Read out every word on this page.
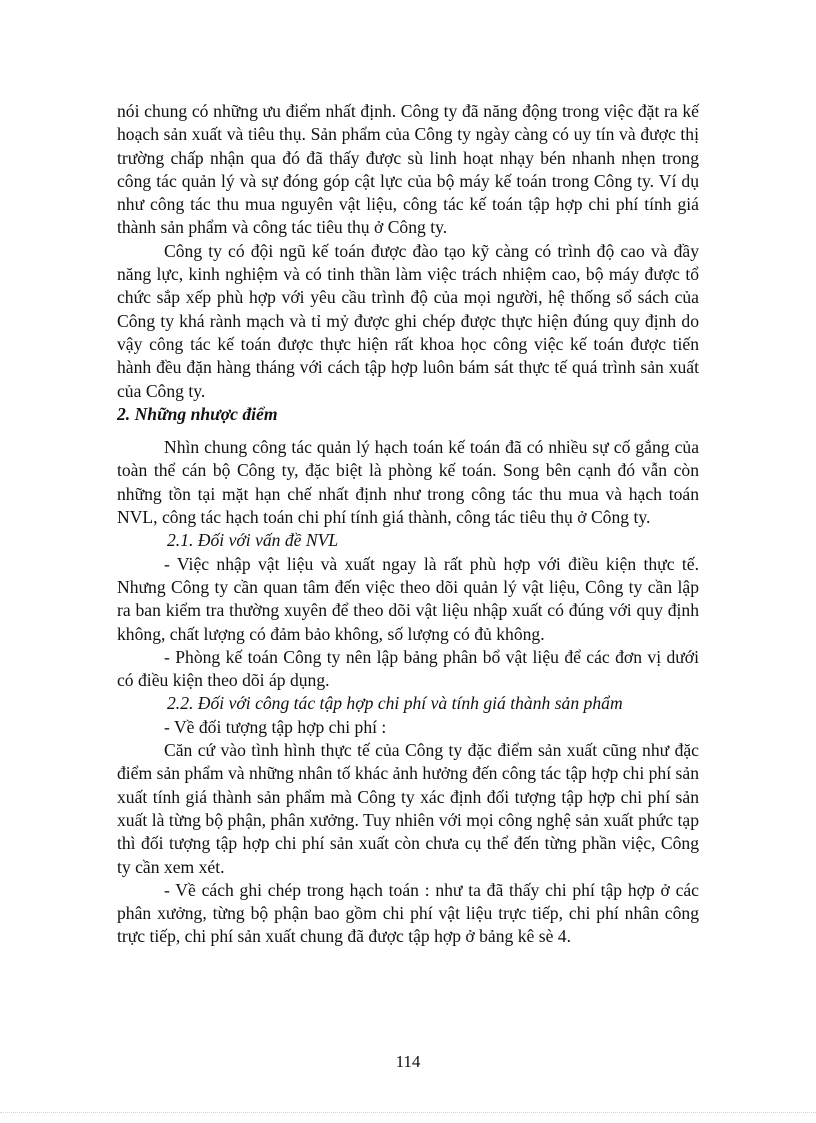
nói chung có những ưu điểm nhất định. Công ty đã năng động trong việc đặt ra kế hoạch sản xuất và tiêu thụ. Sản phẩm của Công ty ngày càng có uy tín và được thị trường chấp nhận qua đó đã thấy được sù linh hoạt nhạy bén nhanh nhẹn trong công tác quản lý và sự đóng góp cật lực của bộ máy kế toán trong Công ty. Ví dụ như công tác thu mua nguyên vật liệu, công tác kế toán tập hợp chi phí tính giá thành sản phẩm và công tác tiêu thụ ở Công ty.

Công ty có đội ngũ kế toán được đào tạo kỹ càng có trình độ cao và đầy năng lực, kinh nghiệm và có tinh thần làm việc trách nhiệm cao, bộ máy được tổ chức sắp xếp phù hợp với yêu cầu trình độ của mọi người, hệ thống sổ sách của Công ty khá rành mạch và tỉ mỷ được ghi chép được thực hiện đúng quy định do vậy công tác kế toán được thực hiện rất khoa học công việc kế toán được tiến hành đều đặn hàng tháng với cách tập hợp luôn bám sát thực tế quá trình sản xuất của Công ty.

2. Những nhược điểm

Nhìn chung công tác quản lý hạch toán kế toán đã có nhiều sự cố gắng của toàn thể cán bộ Công ty, đặc biệt là phòng kế toán. Song bên cạnh đó vẫn còn những tồn tại mặt hạn chế nhất định như trong công tác thu mua và hạch toán NVL, công tác hạch toán chi phí tính giá thành, công tác tiêu thụ ở Công ty.

2.1. Đối với vấn đề NVL

- Việc nhập vật liệu và xuất ngay là rất phù hợp với điều kiện thực tế. Nhưng Công ty cần quan tâm đến việc theo dõi quản lý vật liệu, Công ty cần lập ra ban kiểm tra thường xuyên để theo dõi vật liệu nhập xuất có đúng với quy định không, chất lượng có đảm bảo không, số lượng có đủ không.

- Phòng kế toán Công ty nên lập bảng phân bổ vật liệu để các đơn vị dưới có điều kiện theo dõi áp dụng.

2.2. Đối với công tác tập hợp chi phí và tính giá thành sản phẩm

- Về đối tượng tập hợp chi phí :

Căn cứ vào tình hình thực tế của Công ty đặc điểm sản xuất cũng như đặc điểm sản phẩm và những nhân tố khác ảnh hưởng đến công tác tập hợp chi phí sản xuất tính giá thành sản phẩm mà Công ty xác định đối tượng tập hợp chi phí sản xuất là từng bộ phận, phân xưởng. Tuy nhiên với mọi công nghệ sản xuất phức tạp thì đối tượng tập hợp chi phí sản xuất còn chưa cụ thể đến từng phần việc, Công ty cần xem xét.

- Về cách ghi chép trong hạch toán : như ta đã thấy chi phí tập hợp ở các phân xưởng, từng bộ phận bao gồm chi phí vật liệu trực tiếp, chi phí nhân công trực tiếp, chi phí sản xuất chung đã được tập hợp ở bảng kê sè 4.

114
